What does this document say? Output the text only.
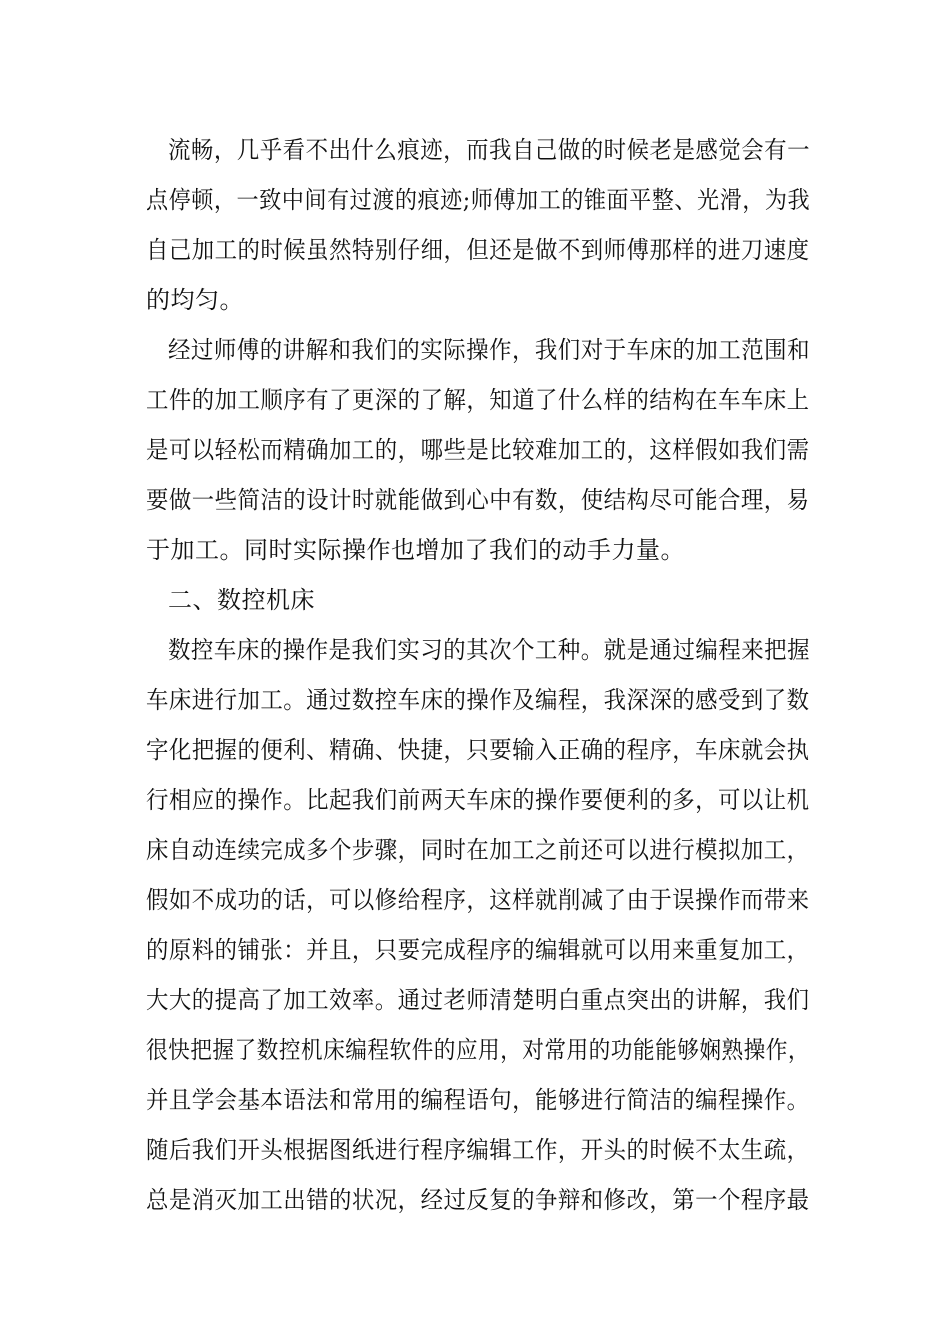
流畅，几乎看不出什么痕迹，而我自己做的时候老是感觉会有一
点停顿，一致中间有过渡的痕迹;师傅加工的锥面平整、光滑，为我
自己加工的时候虽然特别仔细，但还是做不到师傅那样的进刀速度
的均匀。
经过师傅的讲解和我们的实际操作，我们对于车床的加工范围和
工件的加工顺序有了更深的了解，知道了什么样的结构在车车床上
是可以轻松而精确加工的，哪些是比较难加工的，这样假如我们需
要做一些简洁的设计时就能做到心中有数，使结构尽可能合理，易
于加工。同时实际操作也增加了我们的动手力量。
二、数控机床
数控车床的操作是我们实习的其次个工种。就是通过编程来把握
车床进行加工。通过数控车床的操作及编程，我深深的感受到了数
字化把握的便利、精确、快捷，只要输入正确的程序，车床就会执
行相应的操作。比起我们前两天车床的操作要便利的多，可以让机
床自动连续完成多个步骤，同时在加工之前还可以进行模拟加工，
假如不成功的话，可以修给程序，这样就削减了由于误操作而带来
的原料的铺张：并且，只要完成程序的编辑就可以用来重复加工，
大大的提高了加工效率。通过老师清楚明白重点突出的讲解，我们
很快把握了数控机床编程软件的应用，对常用的功能能够娴熟操作，
并且学会基本语法和常用的编程语句，能够进行简洁的编程操作。
随后我们开头根据图纸进行程序编辑工作，开头的时候不太生疏，
总是消灭加工出错的状况，经过反复的争辩和修改，第一个程序最
